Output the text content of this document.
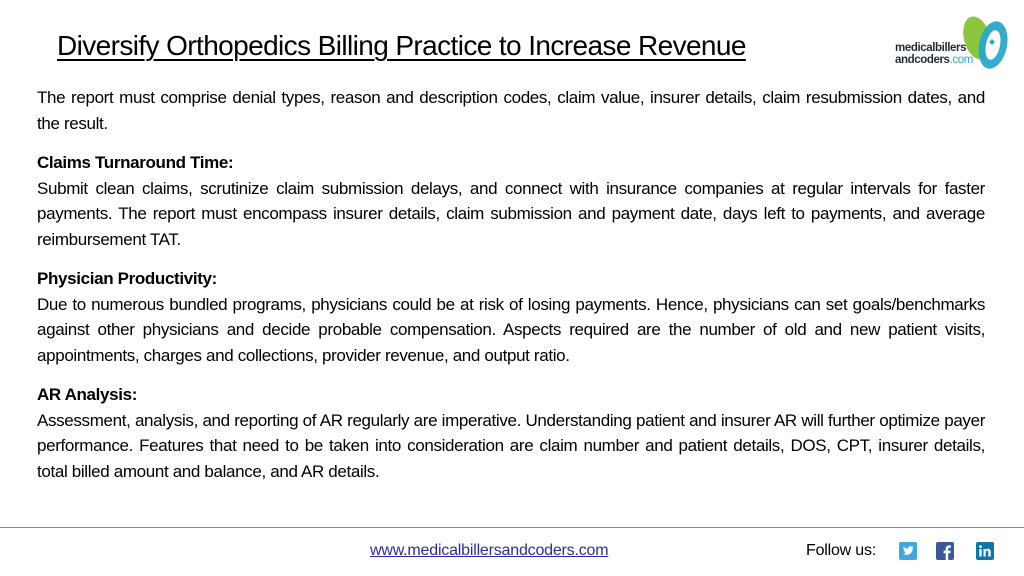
Diversify Orthopedics Billing Practice to Increase Revenue	medicalbillers
andcoders.com

The report must comprise denial types, reason and description codes, claim value, insurer details, claim resubmission dates, and the result.

Claims Turnaround Time:

Submit clean claims, scrutinize claim submission delays, and connect with insurance companies at regular intervals for faster payments. The report must encompass insurer details, claim submission and payment date, days left to payments, and average reimbursement TAT.

Physician Productivity:

Due to numerous bundled programs, physicians could be at risk of losing payments. Hence, physicians can set goals/benchmarks against other physicians and decide probable compensation. Aspects required are the number of old and new patient visits, appointments, charges and collections, provider revenue, and output ratio.

AR Analysis:

Assessment, analysis, and reporting of AR regularly are imperative. Understanding patient and insurer AR will further optimize payer performance. Features that need to be taken into consideration are claim number and patient details, DOS, CPT, insurer details, total billed amount and balance, and AR details.

www.medicalbillersandcoders.com	Follow us:
